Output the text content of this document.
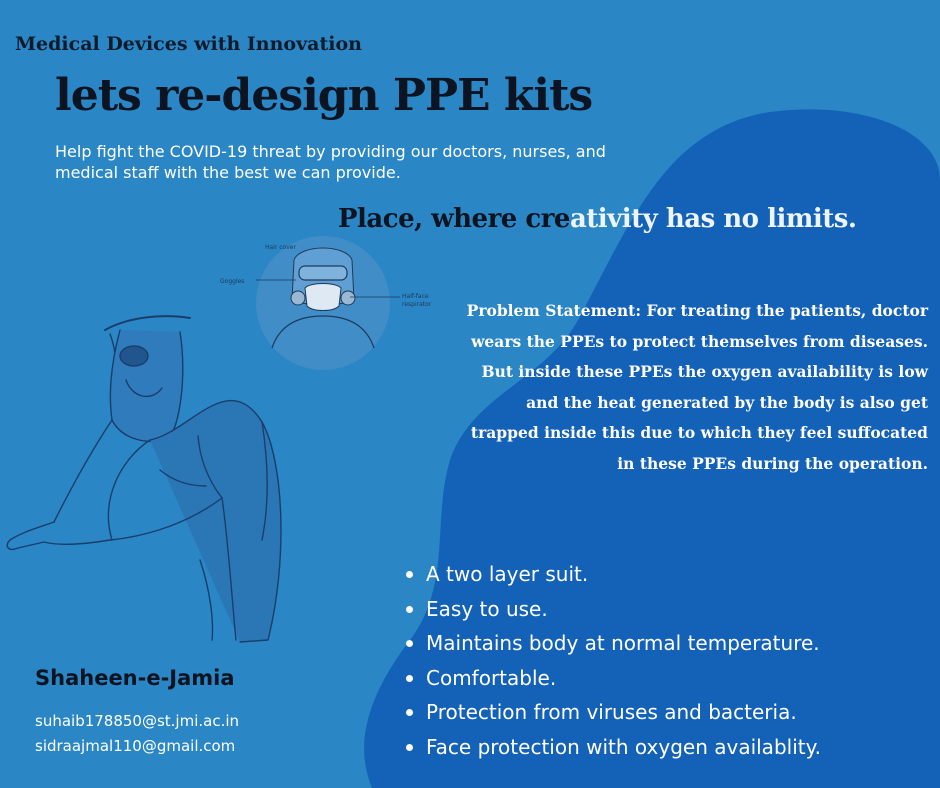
Hair cover
Goggles
Half-face
respirator
Medical Devices with Innovation
lets re-design PPE kits
Help fight the COVID-19 threat by providing our doctors, nurses, and medical staff with the best we can provide.
Place, where creativity has no limits.
Problem Statement: For treating the patients, doctor wears the PPEs to protect themselves from diseases. But inside these PPEs the oxygen availability is low and the heat generated by the body is also get trapped inside this due to which they feel suffocated in these PPEs during the operation.
A two layer suit.
Easy to use.
Maintains body at normal temperature.
Comfortable.
Protection from viruses and bacteria.
Face protection with oxygen availablity.
Shaheen-e-Jamia
suhaib178850@st.jmi.ac.in
sidraajmal110@gmail.com
